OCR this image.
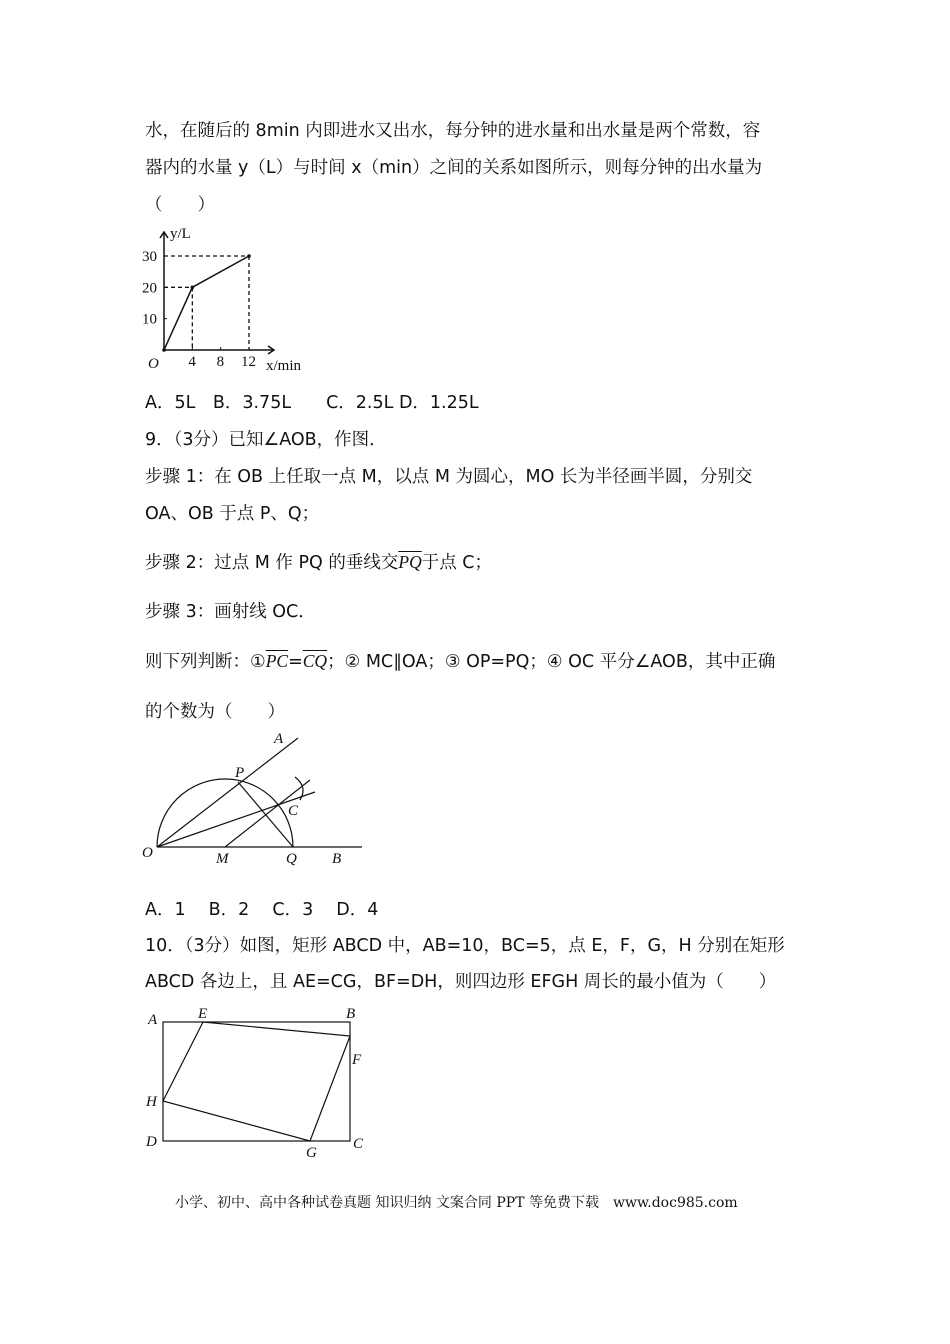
水，在随后的 8min 内即进水又出水，每分钟的进水量和出水量是两个常数，容
器内的水量 y（L）与时间 x（min）之间的关系如图所示，则每分钟的出水量为
（　　）
4 8 12
10
20
30
y/L
x/min
O
A．5L　B．3.75L　　C．2.5L D．1.25L
9．（3分）已知∠AOB，作图．
步骤 1：在 OB 上任取一点 M，以点 M 为圆心，MO 长为半径画半圆，分别交
OA、OB 于点 P、Q；
步骤 2：过点 M 作 PQ 的垂线交$\overline{PQ}$于点 C；
步骤 3：画射线 OC．
则下列判断：$①\overline{PC}=\overline{CQ}$；② MC∥OA；③ OP=PQ；④ OC 平分∠AOB，其中正确
的个数为（　　）
A
P
C
O	M	Q B
A．1　 B．2　 C．3　 D．4
10．（3分）如图，矩形 ABCD 中，AB=10，BC=5，点 E，F，G，H 分别在矩形
ABCD 各边上，且 AE=CG，BF=DH，则四边形 EFGH 周长的最小值为（　　）
A	E	B
F
H
D
G
C
小学、初中、高中各种试卷真题 知识归纳 文案合同 PPT 等免费下载　www.doc985.com
